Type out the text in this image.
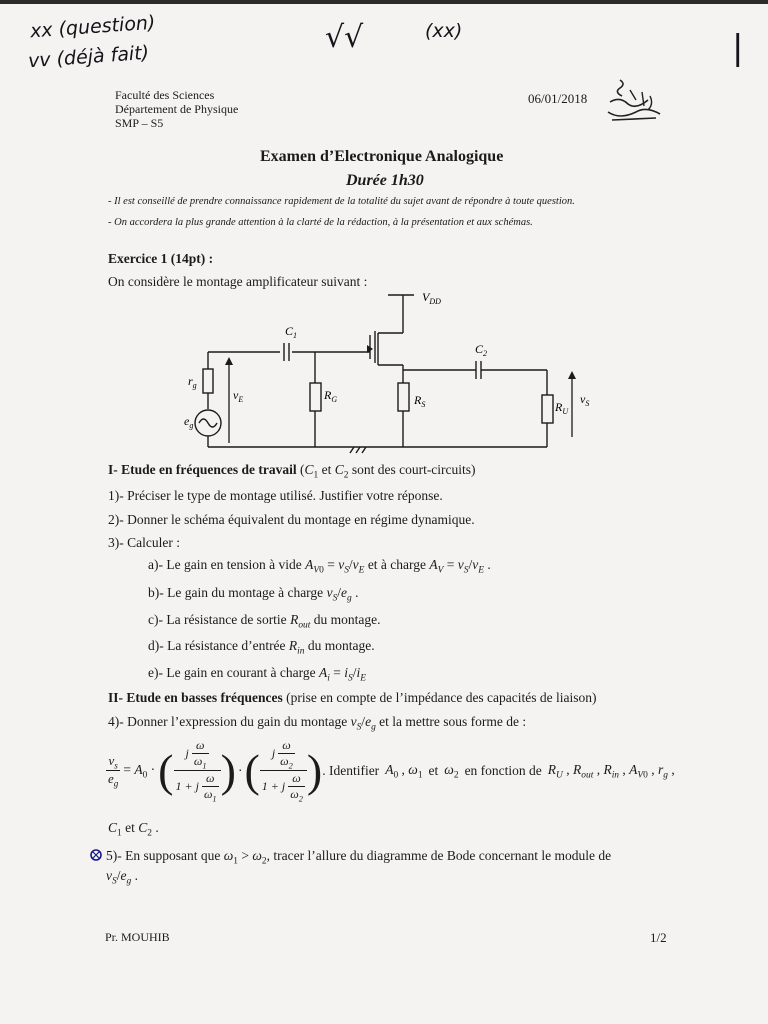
xx (question)
vv (déjà fait)
√√	(xx)	|
Faculté des Sciences
Département de Physique
SMP – S5
06/01/2018
Examen d’Electronique Analogique
Durée 1h30
- Il est conseillé de prendre connaissance rapidement de la totalité du sujet avant de répondre à toute question.
- On accordera la plus grande attention à la clarté de la rédaction, à la présentation et aux schémas.
Exercice 1 (14pt) :
On considère le montage amplificateur suivant :
$V_{DD}$
$C_1$
$C_2$
$r_g$
$e_g$
$v_E$	$R_G$	$R_S$	$R_U$
$v_S$
I- Etude en fréquences de travail ($C_1$ et $C_2$ sont des court-circuits)
1)- Préciser le type de montage utilisé. Justifier votre réponse.
2)- Donner le schéma équivalent du montage en régime dynamique.
3)- Calculer :
a)- Le gain en tension à vide $A_{V0} = v_S/v_E$ et à charge $A_V = v_S/v_E$ .
b)- Le gain du montage à charge $v_S/e_g$ .
c)- La résistance de sortie $R_{out}$ du montage.
d)- La résistance d’entrée $R_{in}$ du montage.
e)- Le gain en courant à charge $A_i = i_S/i_E$
II- Etude en basses fréquences (prise en compte de l’impédance des capacités de liaison)
4)- Donner l’expression du gain du montage $v_S/e_g$ et la mettre sous forme de :
$\frac{v_s}{e_g} = A_0$ · ( $\frac{j \frac{\omega}{\omega_1}}{1 + j \frac{\omega}{\omega_1}}$ ) · ( $\frac{j \frac{\omega}{\omega_2}}{1 + j \frac{\omega}{\omega_2}}$ ) . Identifier $A_0$ , $\omega_1$ et $\omega_2$ en fonction de $R_U$ , $R_{out}$ , $R_{in}$ , $A_{V0}$ , $r_g$ ,
$C_1$ et $C_2$ .
5)- En supposant que $\omega_1 > \omega_2$, tracer l’allure du diagramme de Bode concernant le module de
$v_S/e_g$ .
Pr. MOUHIB	1/2
